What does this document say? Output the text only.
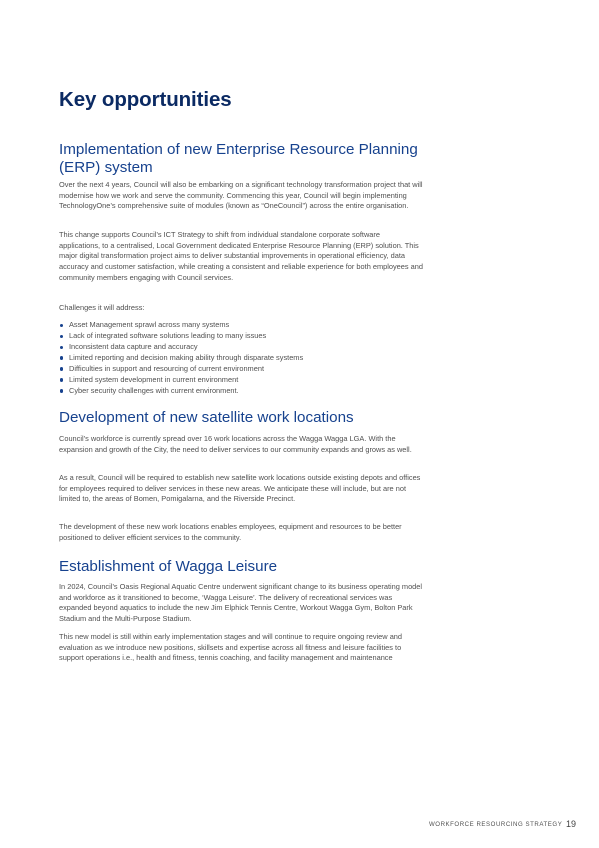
Key opportunities
Implementation of new Enterprise Resource Planning (ERP) system

Over the next 4 years, Council will also be embarking on a significant technology transformation project that will modernise how we work and serve the community. Commencing this year, Council will begin implementing TechnologyOne’s comprehensive suite of modules (known as “OneCouncil”) across the entire organisation.

This change supports Council’s ICT Strategy to shift from individual standalone corporate software applications, to a centralised, Local Government dedicated Enterprise Resource Planning (ERP) solution. This major digital transformation project aims to deliver substantial improvements in operational efficiency, data accuracy and customer satisfaction, while creating a consistent and reliable experience for both employees and community members engaging with Council services.

Challenges it will address:

Asset Management sprawl across many systems
Lack of integrated software solutions leading to many issues
Inconsistent data capture and accuracy
Limited reporting and decision making ability through disparate systems
Difficulties in support and resourcing of current environment
Limited system development in current environment
Cyber security challenges with current environment.
Development of new satellite work locations

Council’s workforce is currently spread over 16 work locations across the Wagga Wagga LGA. With the expansion and growth of the City, the need to deliver services to our community expands and grows as well.

As a result, Council will be required to establish new satellite work locations outside existing depots and offices for employees required to deliver services in these new areas. We anticipate these will include, but are not limited to, the areas of Bomen, Pomigalarna, and the Riverside Precinct.

The development of these new work locations enables employees, equipment and resources to be better positioned to deliver efficient services to the community.

Establishment of Wagga Leisure

In 2024, Council’s Oasis Regional Aquatic Centre underwent significant change to its business operating model and workforce as it transitioned to become, ‘Wagga Leisure’. The delivery of recreational services was expanded beyond aquatics to include the new Jim Elphick Tennis Centre, Workout Wagga Gym, Bolton Park Stadium and the Multi-Purpose Stadium.

This new model is still within early implementation stages and will continue to require ongoing review and evaluation as we introduce new positions, skillsets and expertise across all fitness and leisure facilities to support operations i.e., health and fitness, tennis coaching, and facility management and maintenance

WORKFORCE RESOURCING STRATEGY 19
